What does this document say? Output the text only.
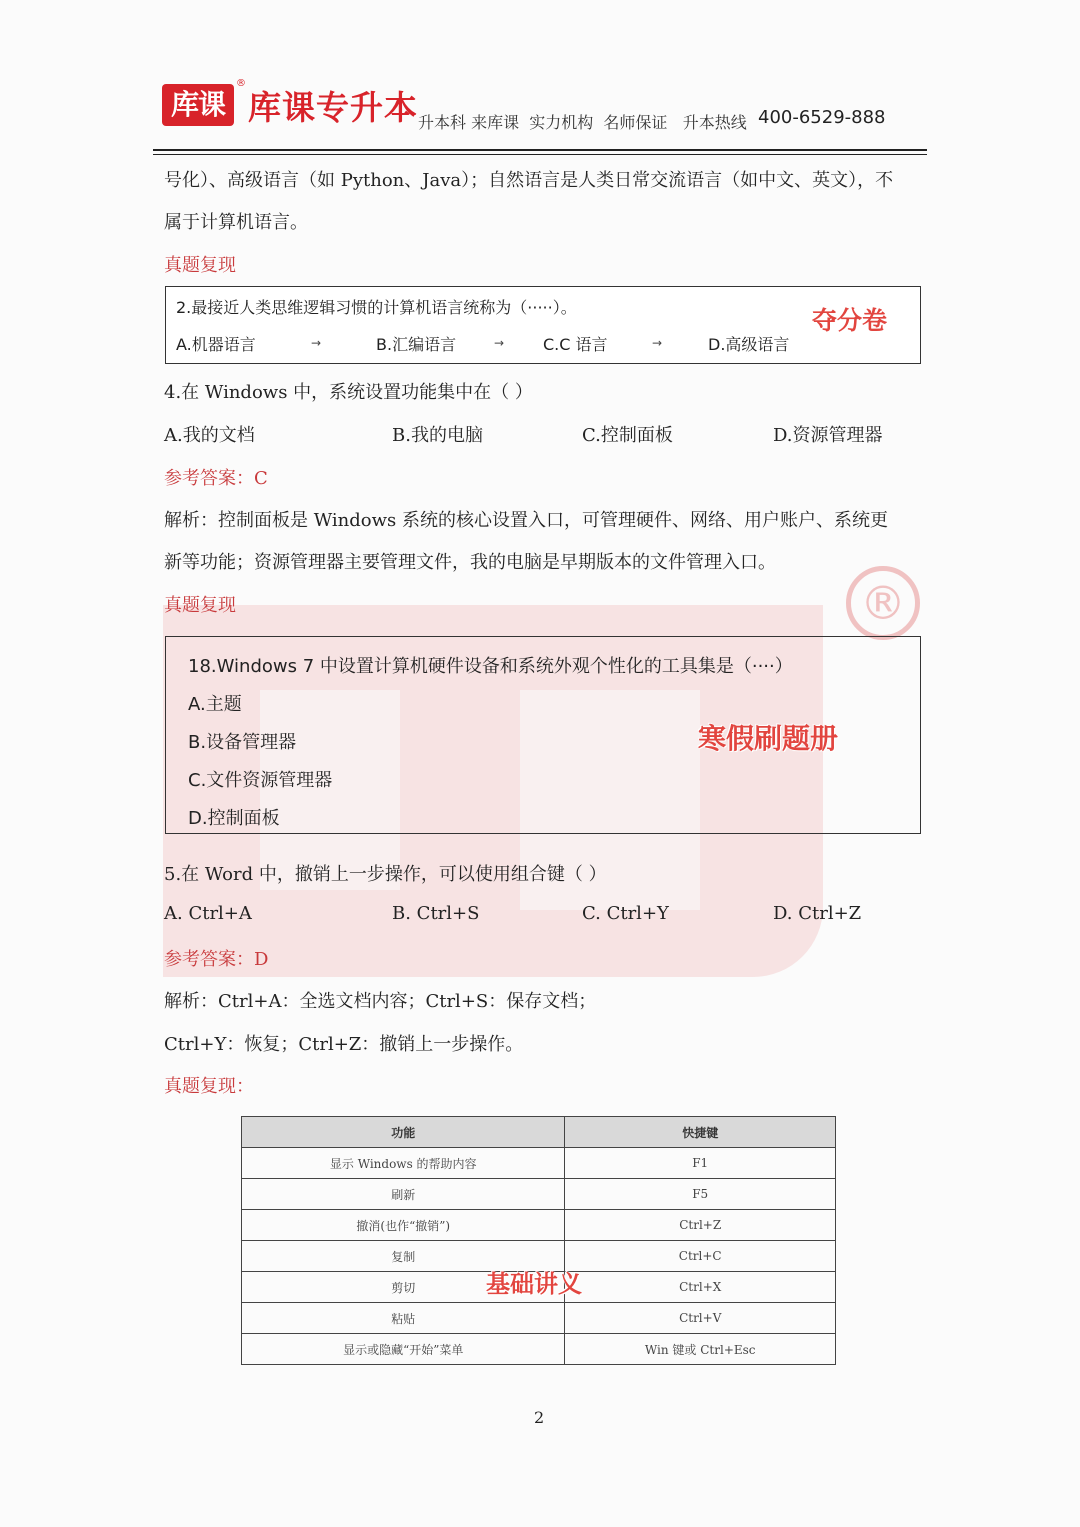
®
库课
®
库课专升本 升本科 来库课  实力机构  名师保证   升本热线 400-6529-888
号化）、高级语言（如 Python、Java）；自然语言是人类日常交流语言（如中文、英文），不
属于计算机语言。
真题复现
2.最接近人类思维逻辑习惯的计算机语言统称为（·····）。
A.机器语言	→	B.汇编语言	→ C.C 语言	→	D.高级语言
夺分卷
4.在 Windows 中，系统设置功能集中在（ ）
A.我的文档	B.我的电脑	C.控制面板	D.资源管理器
参考答案：C
解析：控制面板是 Windows 系统的核心设置入口，可管理硬件、网络、用户账户、系统更
新等功能；资源管理器主要管理文件，我的电脑是早期版本的文件管理入口。
真题复现
18.Windows 7 中设置计算机硬件设备和系统外观个性化的工具集是（····）
A.主题
B.设备管理器
C.文件资源管理器
D.控制面板
寒假刷题册
5.在 Word 中，撤销上一步操作，可以使用组合键（ ）
A. Ctrl+A	B. Ctrl+S	C. Ctrl+Y	D. Ctrl+Z
参考答案：D
解析：Ctrl+A：全选文档内容；Ctrl+S：保存文档；
Ctrl+Y：恢复；Ctrl+Z：撤销上一步操作。
真题复现：
功能	快捷键
显示 Windows 的帮助内容	F1
刷新	F5
撤消(也作“撤销”)	Ctrl+Z
复制	Ctrl+C
剪切	Ctrl+X
粘贴	Ctrl+V
显示或隐藏“开始”菜单	Win 键或 Ctrl+Esc
基础讲义
2
